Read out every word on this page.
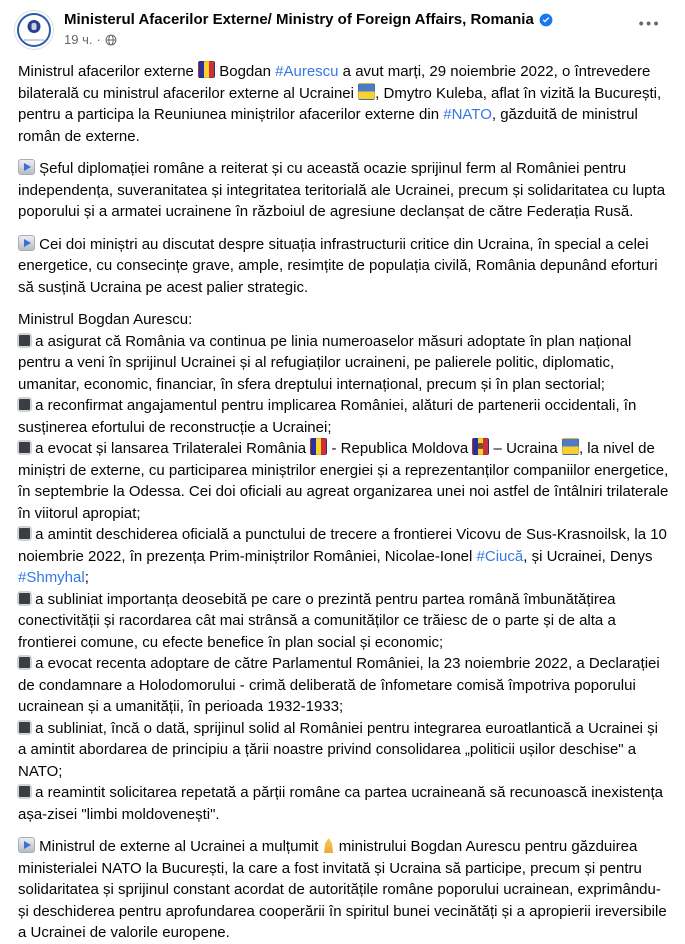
Ministerul Afacerilor Externe/ Ministry of Foreign Affairs, Romania
19 ч. ·
•••
Ministrul afacerilor externe  Bogdan #Aurescu a avut marți, 29 noiembrie 2022, o întrevedere bilaterală cu ministrul afacerilor externe al Ucrainei , Dmytro Kuleba, aflat în vizită la București, pentru a participa la Reuniunea miniștrilor afacerilor externe din #NATO, găzduită de ministrul român de externe.
Șeful diplomației române a reiterat și cu această ocazie sprijinul ferm al României pentru independența, suveranitatea și integritatea teritorială ale Ucrainei, precum și solidaritatea cu lupta poporului și a armatei ucrainene în războiul de agresiune declanșat de către Federația Rusă.
Cei doi miniștri au discutat despre situația infrastructurii critice din Ucraina, în special a celei energetice, cu consecințe grave, ample, resimțite de populația civilă, România depunând eforturi să susțină Ucraina pe acest palier strategic.
Ministrul Bogdan Aurescu:
a asigurat că România va continua pe linia numeroaselor măsuri adoptate în plan național pentru a veni în sprijinul Ucrainei și al refugiaților ucraineni, pe palierele politic, diplomatic, umanitar, economic, financiar, în sfera dreptului internațional, precum și în plan sectorial;
a reconfirmat angajamentul pentru implicarea României, alături de partenerii occidentali, în susținerea efortului de reconstrucție a Ucrainei;
a evocat și lansarea Trilateralei România  - Republica Moldova  – Ucraina , la nivel de miniștri de externe, cu participarea miniștrilor energiei și a reprezentanților companiilor energetice, în septembrie la Odessa. Cei doi oficiali au agreat organizarea unei noi astfel de întâlniri trilaterale în viitorul apropiat;
a amintit deschiderea oficială a punctului de trecere a frontierei Vicovu de Sus-Krasnoilsk, la 10 noiembrie 2022, în prezența Prim-miniștrilor României, Nicolae-Ionel #Ciucă, și Ucrainei, Denys #Shmyhal;
a subliniat importanța deosebită pe care o prezintă pentru partea română îmbunătățirea conectivității și racordarea cât mai strânsă a comunităților ce trăiesc de o parte și de alta a frontierei comune, cu efecte benefice în plan social și economic;
a evocat recenta adoptare de către Parlamentul României, la 23 noiembrie 2022, a Declarației de condamnare a Holodomorului - crimă deliberată de înfometare comisă împotriva poporului ucrainean și a umanității, în perioada 1932-1933;
a subliniat, încă o dată, sprijinul solid al României pentru integrarea euroatlantică a Ucrainei și a amintit abordarea de principiu a țării noastre privind consolidarea „politicii ușilor deschise" a NATO;
a reamintit solicitarea repetată a părții române ca partea ucraineană să recunoască inexistența așa-zisei "limbi moldovenești".
Ministrul de externe al Ucrainei a mulțumit  ministrului Bogdan Aurescu pentru găzduirea ministerialei NATO la București, la care a fost invitată și Ucraina să participe, precum și pentru solidaritatea și sprijinul constant acordat de autoritățile române poporului ucrainean, exprimându-și deschiderea pentru aprofundarea cooperării în spiritul bunei vecinătăți și a apropierii ireversibile a Ucrainei de valorile europene.
